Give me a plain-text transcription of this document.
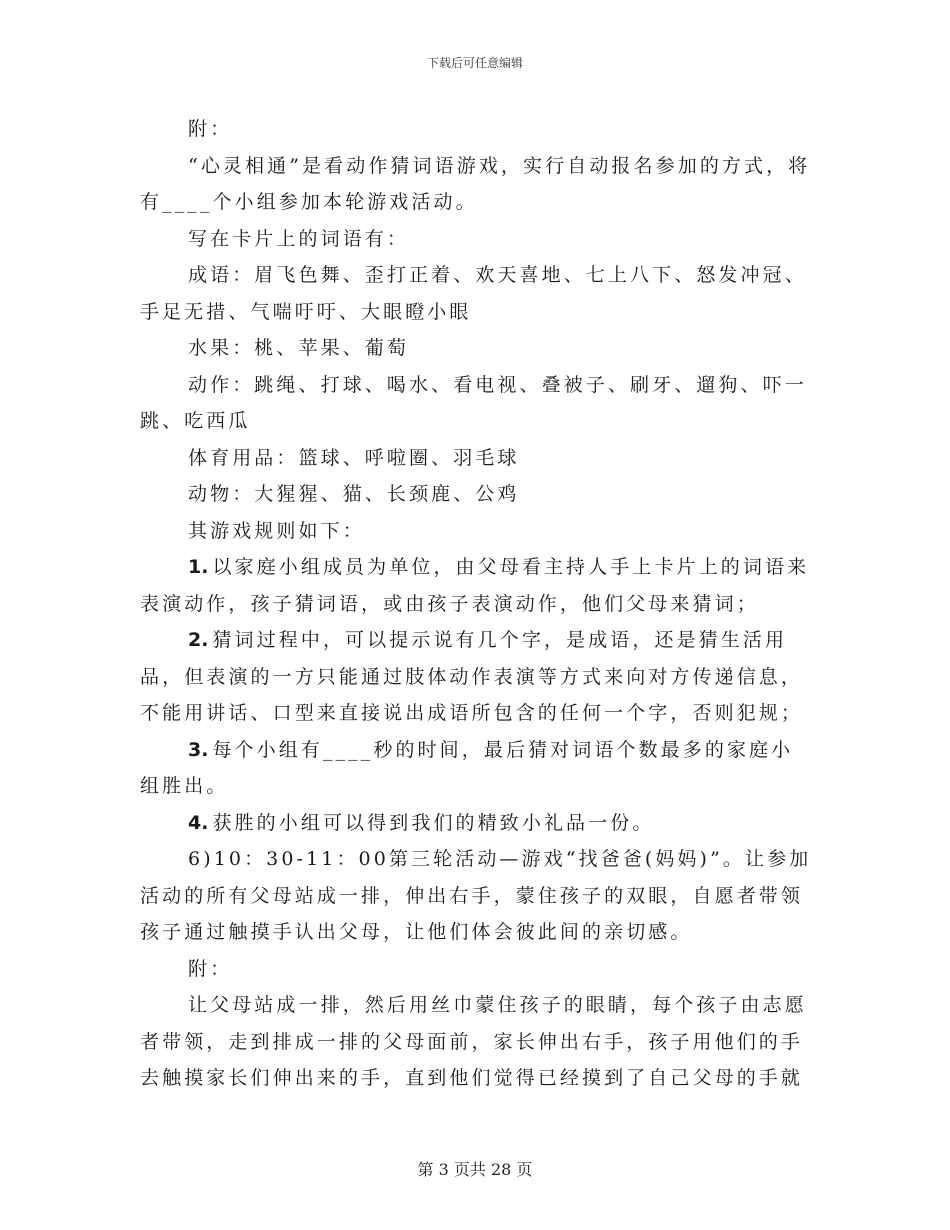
下载后可任意编辑

附：

“心灵相通”是看动作猜词语游戏，实行自动报名参加的方式，将有____个小组参加本轮游戏活动。

写在卡片上的词语有：

成语：眉飞色舞、歪打正着、欢天喜地、七上八下、怒发冲冠、手足无措、气喘吁吁、大眼瞪小眼

水果：桃、苹果、葡萄

动作：跳绳、打球、喝水、看电视、叠被子、刷牙、遛狗、吓一跳、吃西瓜

体育用品：篮球、呼啦圈、羽毛球

动物：大猩猩、猫、长颈鹿、公鸡

其游戏规则如下：

1. 以家庭小组成员为单位，由父母看主持人手上卡片上的词语来表演动作，孩子猜词语，或由孩子表演动作，他们父母来猜词；

2. 猜词过程中，可以提示说有几个字，是成语，还是猜生活用品，但表演的一方只能通过肢体动作表演等方式来向对方传递信息，不能用讲话、口型来直接说出成语所包含的任何一个字，否则犯规；

3. 每个小组有____秒的时间，最后猜对词语个数最多的家庭小组胜出。

4. 获胜的小组可以得到我们的精致小礼品一份。

6)10：30-11：00第三轮活动—游戏“找爸爸(妈妈)”。让参加活动的所有父母站成一排，伸出右手，蒙住孩子的双眼，自愿者带领孩子通过触摸手认出父母，让他们体会彼此间的亲切感。

附：

让父母站成一排，然后用丝巾蒙住孩子的眼睛，每个孩子由志愿者带领，走到排成一排的父母面前，家长伸出右手，孩子用他们的手去触摸家长们伸出来的手，直到他们觉得已经摸到了自己父母的手就

第 3 页共 28 页
